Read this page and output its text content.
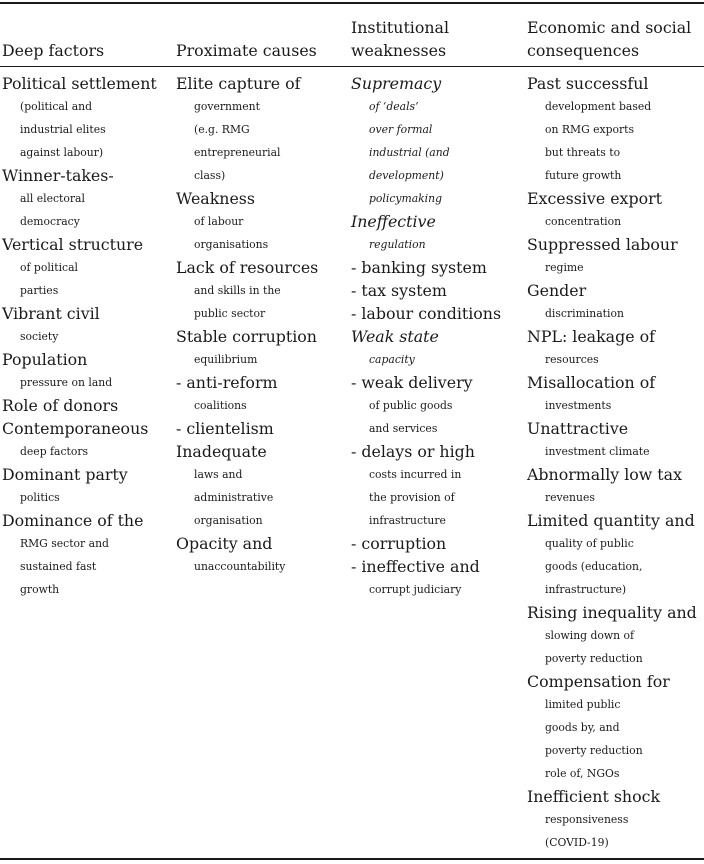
Deep factors	Proximate causes
Institutional
weaknesses
Economic and social
consequences
Political settlement
(political and
industrial elites
against labour)
Winner-takes-
all electoral
democracy
Vertical structure
of political
parties
Vibrant civil
society
Population
pressure on land
Role of donors
Contemporaneous
deep factors
Dominant party
politics
Dominance of the
RMG sector and
sustained fast
growth
Elite capture of
government
(e.g. RMG
entrepreneurial
class)
Weakness
of labour
organisations
Lack of resources
and skills in the
public sector
Stable corruption
equilibrium
- anti-reform
coalitions
- clientelism
Inadequate
laws and
administrative
organisation
Opacity and
unaccountability
Supremacy
of ‘deals’
over formal
industrial (and
development)
policymaking
Ineffective
regulation
- banking system
- tax system
- labour conditions
Weak state
capacity
- weak delivery
of public goods
and services
- delays or high
costs incurred in
the provision of
infrastructure
- corruption
- ineffective and
corrupt judiciary
Past successful
development based
on RMG exports
but threats to
future growth
Excessive export
concentration
Suppressed labour
regime
Gender
discrimination
NPL: leakage of
resources
Misallocation of
investments
Unattractive
investment climate
Abnormally low tax
revenues
Limited quantity and
quality of public
goods (education,
infrastructure)
Rising inequality and
slowing down of
poverty reduction
Compensation for
limited public
goods by, and
poverty reduction
role of, NGOs
Inefficient shock
responsiveness
(COVID-19)
